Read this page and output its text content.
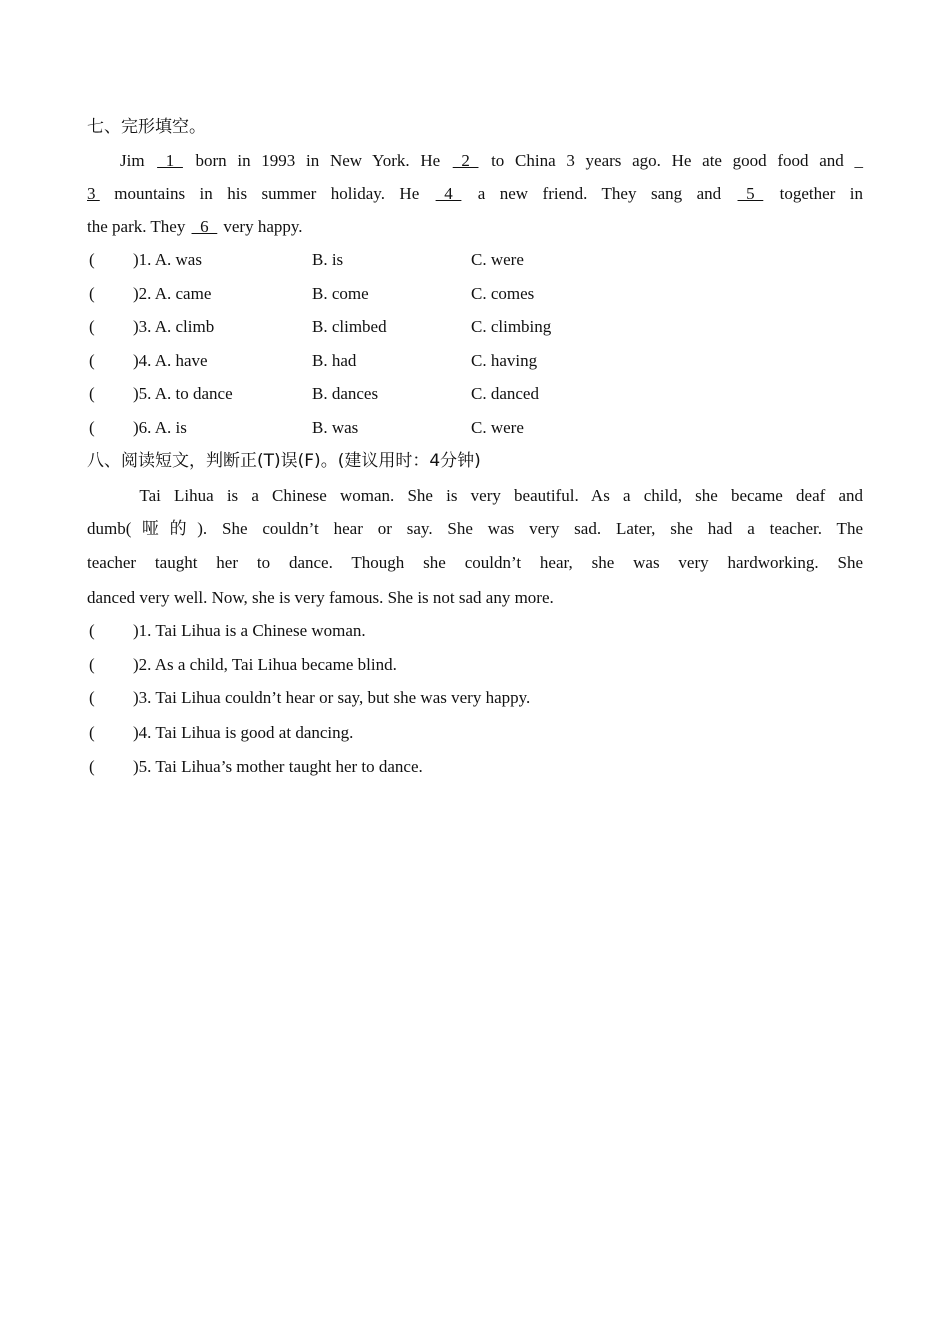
七、完形填空。
Jim _1_ born in 1993 in New York. He _2_ to China 3 years ago. He ate good food and _
3  mountains in his summer holiday. He _4_ a new friend. They sang and _5_ together in
the park. They _6_ very happy.
八、阅读短文，判断正(T)误(F)。(建议用时：4分钟)
Tai Lihua is a Chinese woman. She is very beautiful. As a child, she became deaf and
dumb(哑的). She couldn’t hear or say. She was very sad. Later, she had a teacher. The
teacher taught her to dance. Though she couldn’t hear, she was very hardworking. She
danced very well. Now, she is very famous. She is not sad any more.
( )1. A. was	B. is	C. were
( )2. A. came	B. come	C. comes
( )3. A. climb	B. climbed	C. climbing
( )4. A. have	B. had	C. having
( )5. A. to dance	B. dances	C. danced
( )6. A. is	B. was	C. were
( )1. Tai Lihua is a Chinese woman.
( )2. As a child, Tai Lihua became blind.
( )3. Tai Lihua couldn’t hear or say, but she was very happy.
( )4. Tai Lihua is good at dancing.
( )5. Tai Lihua’s mother taught her to dance.
